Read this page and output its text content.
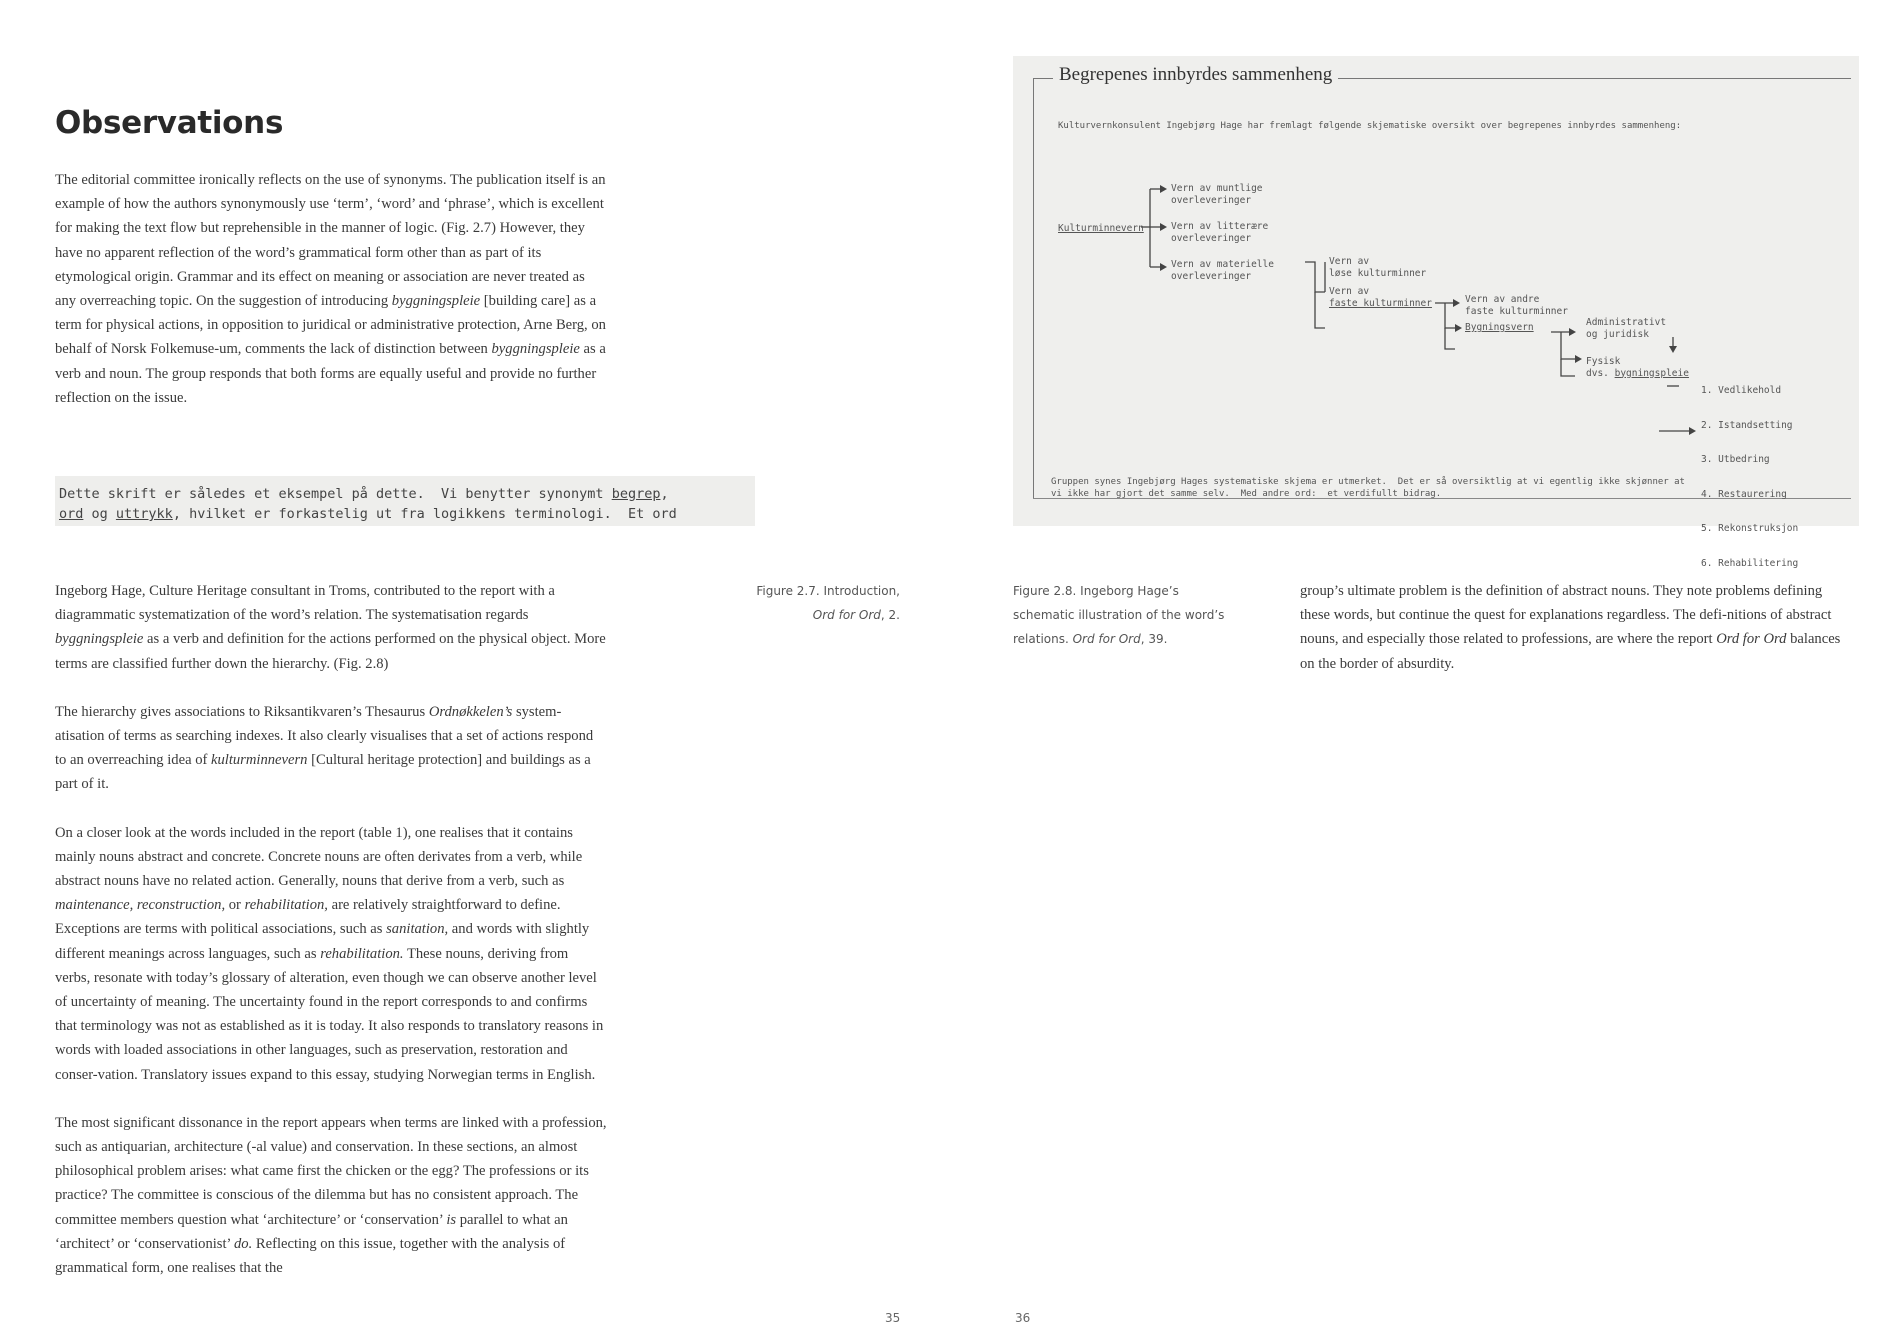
Observations

The editorial committee ironically reflects on the use of synonyms. The publication itself is an example of how the authors synonymously use ‘term’, ‘word’ and ‘phrase’, which is excellent for making the text flow but reprehensible in the manner of logic. (Fig. 2.7) However, they have no apparent reflection of the word’s grammatical form other than as part of its etymological origin. Grammar and its effect on meaning or association are never treated as any overreaching topic. On the suggestion of introducing byggningspleie [building care] as a term for physical actions, in opposition to juridical or administrative protection, Arne Berg, on behalf of Norsk Folkemuse-um, comments the lack of distinction between byggningspleie as a verb and noun. The group responds that both forms are equally useful and provide no further reflection on the issue.

Dette skrift er således et eksempel på dette.  Vi benytter synonymt begrep,
ord og uttrykk, hvilket er forkastelig ut fra logikkens terminologi.  Et ord
Figure 2.7. Introduction,
Ord for Ord, 2.

Ingeborg Hage, Culture Heritage consultant in Troms, contributed to the report with a diagrammatic systematization of the word’s relation. The systematisation regards byggningspleie as a verb and definition for the actions performed on the physical object. More terms are classified further down the hierarchy. (Fig. 2.8)

The hierarchy gives associations to Riksantikvaren’s Thesaurus Ordnøkkelen’s system-atisation of terms as searching indexes. It also clearly visualises that a set of actions respond to an overreaching idea of kulturminnevern [Cultural heritage protection] and buildings as a part of it.

On a closer look at the words included in the report (table 1), one realises that it contains mainly nouns abstract and concrete. Concrete nouns are often derivates from a verb, while abstract nouns have no related action. Generally, nouns that derive from a verb, such as maintenance, reconstruction, or rehabilitation, are relatively straightforward to define. Exceptions are terms with political associations, such as sanitation, and words with slightly different meanings across languages, such as rehabilitation. These nouns, deriving from verbs, resonate with today’s glossary of alteration, even though we can observe another level of uncertainty of meaning. The uncertainty found in the report corresponds to and confirms that terminology was not as established as it is today. It also responds to translatory reasons in words with loaded associations in other languages, such as preservation, restoration and conser-vation. Translatory issues expand to this essay, studying Norwegian terms in English.

The most significant dissonance in the report appears when terms are linked with a profession, such as antiquarian, architecture (-al value) and conservation. In these sections, an almost philosophical problem arises: what came first the chicken or the egg? The professions or its practice? The committee is conscious of the dilemma but has no consistent approach. The committee members question what ‘architecture’ or ‘conservation’ is parallel to what an ‘architect’ or ‘conservationist’ do. Reflecting on this issue, together with the analysis of grammatical form, one realises that the

35
Begrepenes innbyrdes sammenheng
Kulturvernkonsulent Ingebjørg Hage har fremlagt følgende skjematiske oversikt over begrepenes innbyrdes sammenheng:
Kulturminnevern
Vern av muntlige
overleveringer
Vern av litterære
overleveringer
Vern av materielle
overleveringer
Vern av
løse kulturminner
Vern av
faste kulturminner	Vern av andre
faste kulturminner
Bygningsvern	Administrativt
og juridisk
Fysisk
dvs. bygningspleie

1. Vedlikehold

2. Istandsetting

3. Utbedring

4. Restaurering

5. Rekonstruksjon

6. Rehabilitering

Gruppen synes Ingebjørg Hages systematiske skjema er utmerket.  Det er så oversiktlig at vi egentlig ikke skjønner at
vi ikke har gjort det samme selv.  Med andre ord:  et verdifullt bidrag.
Figure 2.8. Ingeborg Hage’s
schematic illustration of the word’s
relations. Ord for Ord, 39.

group’s ultimate problem is the definition of abstract nouns. They note problems defining these words, but continue the quest for explanations regardless. The defi-nitions of abstract nouns, and especially those related to professions, are where the report Ord for Ord balances on the border of absurdity.

36
